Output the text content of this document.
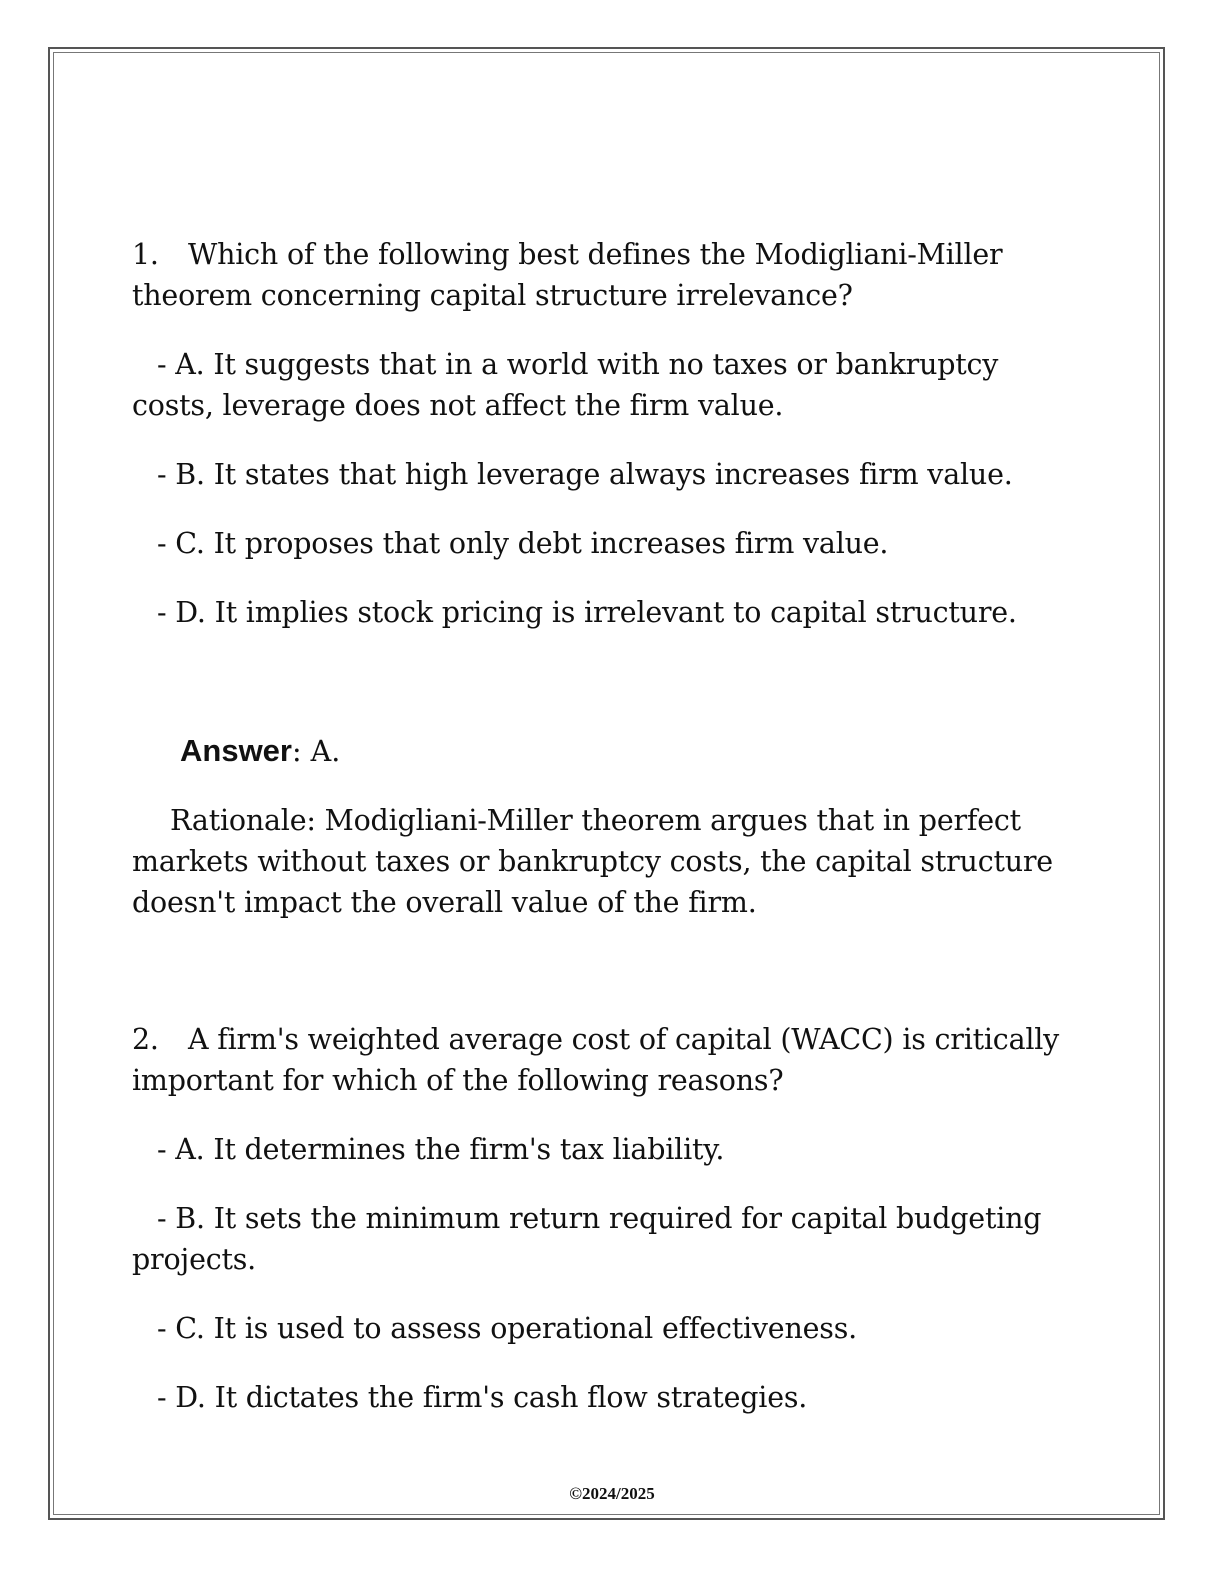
1. Which of the following best defines the Modigliani-Miller theorem concerning capital structure irrelevance?

- A. It suggests that in a world with no taxes or bankruptcy costs, leverage does not affect the firm value.

- B. It states that high leverage always increases firm value.

- C. It proposes that only debt increases firm value.

- D. It implies stock pricing is irrelevant to capital structure.

Answer: A.

Rationale: Modigliani-Miller theorem argues that in perfect markets without taxes or bankruptcy costs, the capital structure doesn't impact the overall value of the firm.

2. A firm's weighted average cost of capital (WACC) is critically important for which of the following reasons?

- A. It determines the firm's tax liability.

- B. It sets the minimum return required for capital budgeting projects.

- C. It is used to assess operational effectiveness.

- D. It dictates the firm's cash flow strategies.

©2024/2025
